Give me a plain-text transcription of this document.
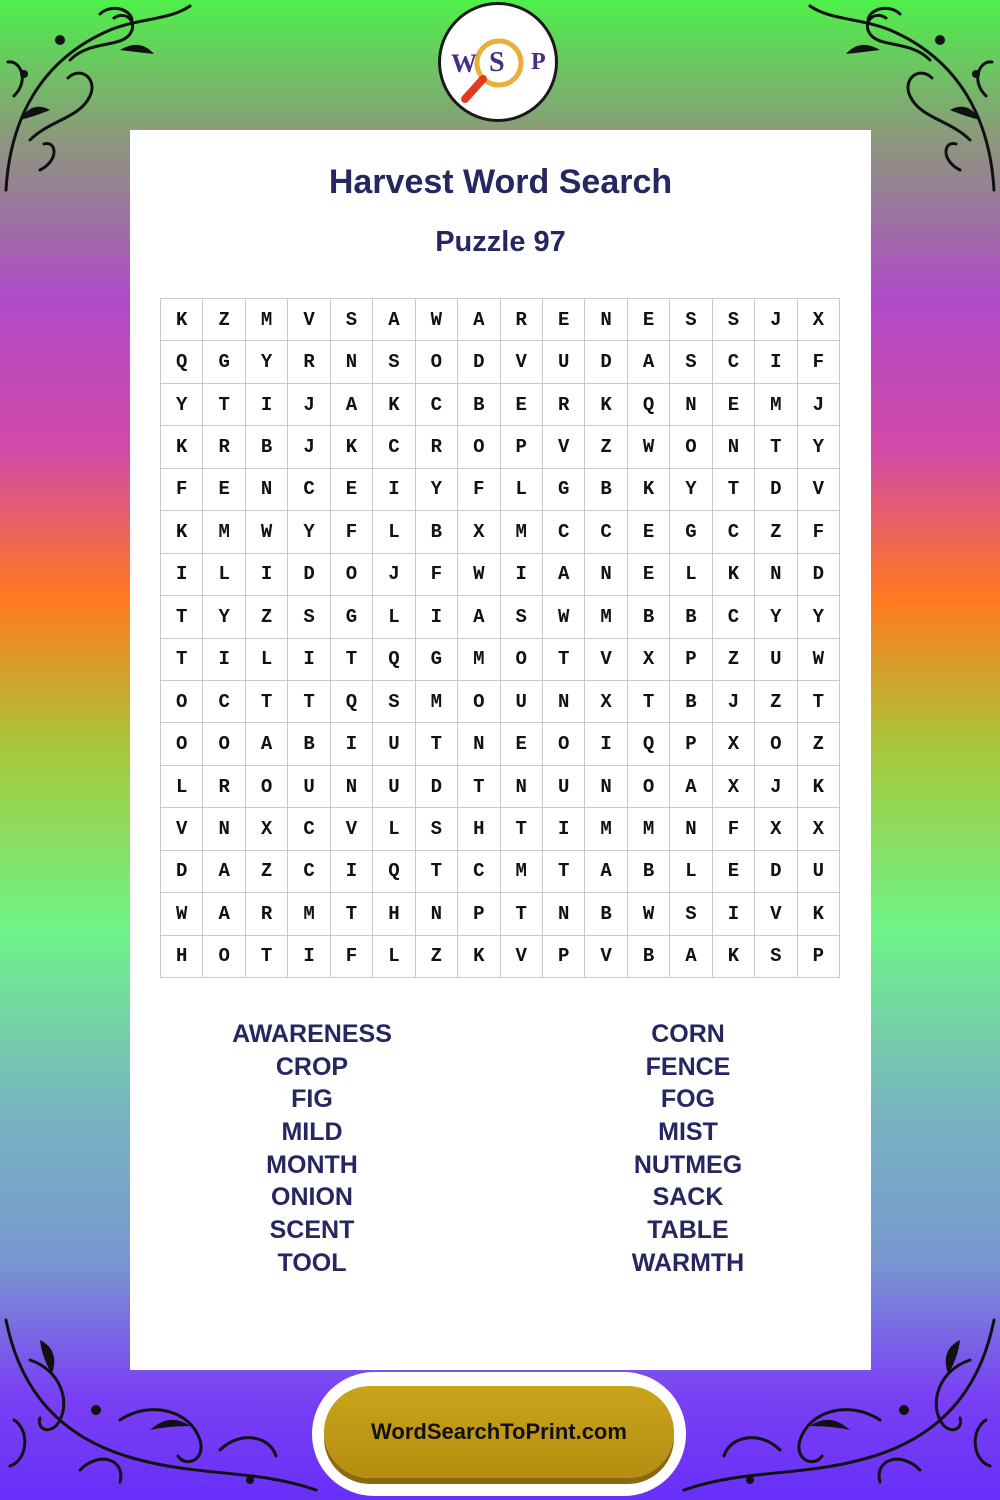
W S P
Harvest Word Search
Puzzle 97
K	Z	M	V	S	A	W	A	R	E	N	E	S	S	J	X
Q	G	Y	R	N	S	O	D	V	U	D	A	S	C	I	F
Y	T	I	J	A	K	C	B	E	R	K	Q	N	E	M	J
K	R	B	J	K	C	R	O	P	V	Z	W	O	N	T	Y
F	E	N	C	E	I	Y	F	L	G	B	K	Y	T	D	V
K	M	W	Y	F	L	B	X	M	C	C	E	G	C	Z	F
I	L	I	D	O	J	F	W	I	A	N	E	L	K	N	D
T	Y	Z	S	G	L	I	A	S	W	M	B	B	C	Y	Y
T	I	L	I	T	Q	G	M	O	T	V	X	P	Z	U	W
O	C	T	T	Q	S	M	O	U	N	X	T	B	J	Z	T
O	O	A	B	I	U	T	N	E	O	I	Q	P	X	O	Z
L	R	O	U	N	U	D	T	N	U	N	O	A	X	J	K
V	N	X	C	V	L	S	H	T	I	M	M	N	F	X	X
D	A	Z	C	I	Q	T	C	M	T	A	B	L	E	D	U
W	A	R	M	T	H	N	P	T	N	B	W	S	I	V	K
H	O	T	I	F	L	Z	K	V	P	V	B	A	K	S	P
AWARENESS
CROP
FIG
MILD
MONTH
ONION
SCENT
TOOL
CORN
FENCE
FOG
MIST
NUTMEG
SACK
TABLE
WARMTH
WordSearchToPrint.com
